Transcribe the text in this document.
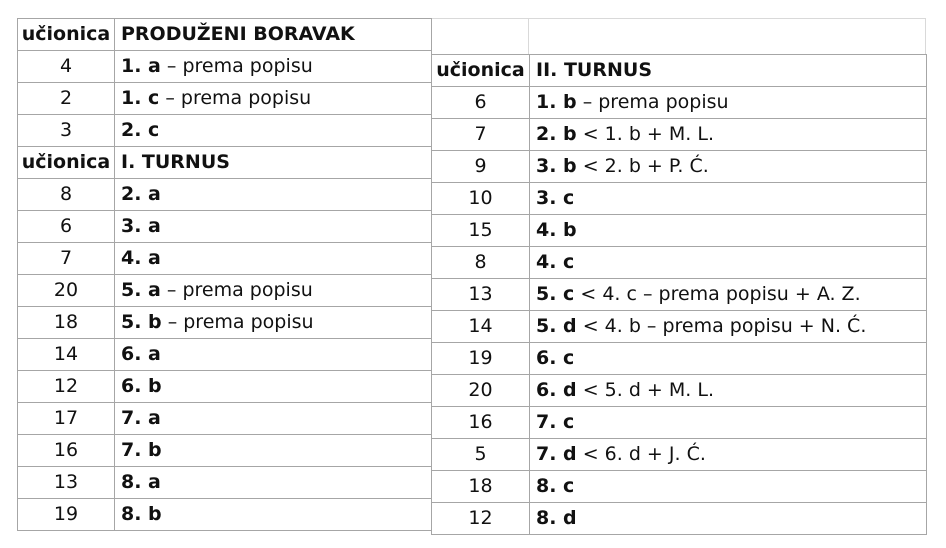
učionica	PRODUŽENI BORAVAK
4	1. a – prema popisu
2	1. c – prema popisu
3	2. c
učionica	I. TURNUS
8	2. a
6	3. a
7	4. a
20	5. a – prema popisu
18	5. b – prema popisu
14	6. a
12	6. b
17	7. a
16	7. b
13	8. a
19	8. b
učionica	II. TURNUS
6	1. b – prema popisu
7	2. b < 1. b + M. L.
9	3. b < 2. b + P. Ć.
10	3. c
15	4. b
8	4. c
13	5. c < 4. c – prema popisu + A. Z.
14	5. d < 4. b – prema popisu + N. Ć.
19	6. c
20	6. d < 5. d + M. L.
16	7. c
5	7. d < 6. d + J. Ć.
18	8. c
12	8. d
